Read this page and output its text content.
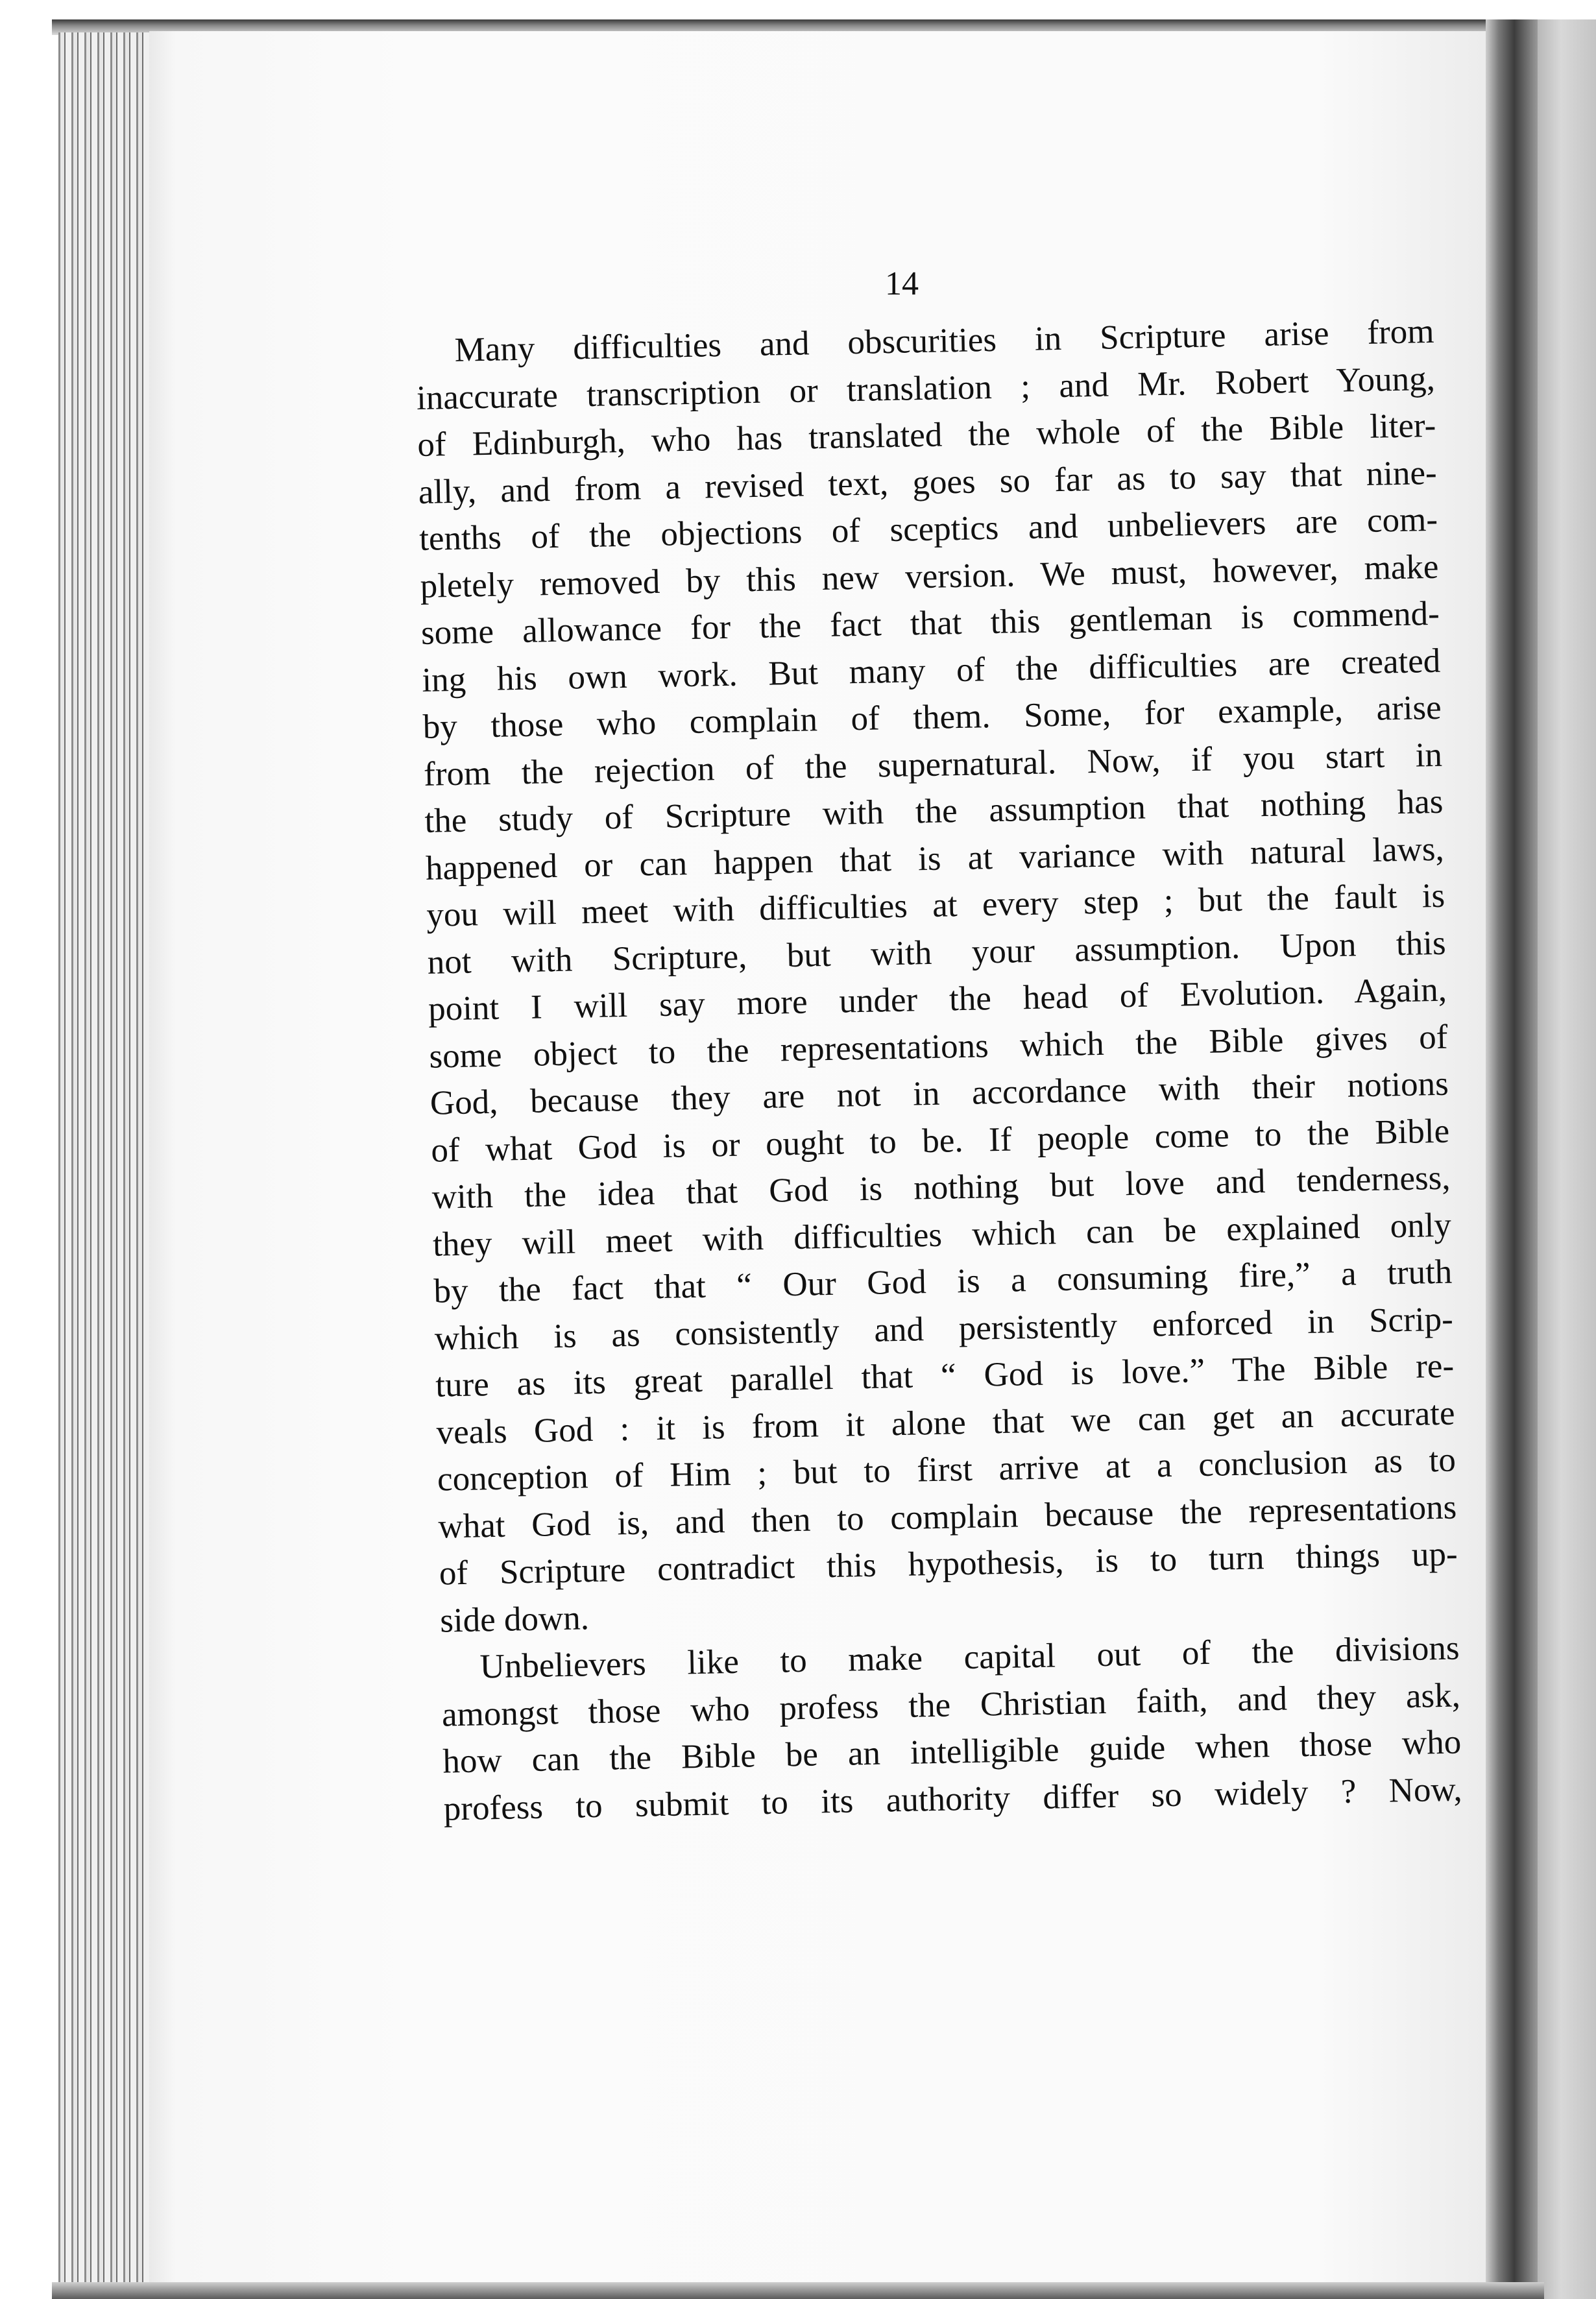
14
Many difficulties and obscurities in Scripture arise from
inaccurate transcription or translation ; and Mr. Robert Young,
of Edinburgh, who has translated the whole of the Bible liter-
ally, and from a revised text, goes so far as to say that nine-
tenths of the objections of sceptics and unbelievers are com-
pletely removed by this new version. We must, however, make
some allowance for the fact that this gentleman is commend-
ing his own work. But many of the difficulties are created
by those who complain of them. Some, for example, arise
from the rejection of the supernatural. Now, if you start in
the study of Scripture with the assumption that nothing has
happened or can happen that is at variance with natural laws,
you will meet with difficulties at every step ; but the fault is
not with Scripture, but with your assumption. Upon this
point I will say more under the head of Evolution. Again,
some object to the representations which the Bible gives of
God, because they are not in accordance with their notions
of what God is or ought to be. If people come to the Bible
with the idea that God is nothing but love and tenderness,
they will meet with difficulties which can be explained only
by the fact that “ Our God is a consuming fire,” a truth
which is as consistently and persistently enforced in Scrip-
ture as its great parallel that “ God is love.” The Bible re-
veals God : it is from it alone that we can get an accurate
conception of Him ; but to first arrive at a conclusion as to
what God is, and then to complain because the representations
of Scripture contradict this hypothesis, is to turn things up-
side down.
Unbelievers like to make capital out of the divisions
amongst those who profess the Christian faith, and they ask,
how can the Bible be an intelligible guide when those who
profess to submit to its authority differ so widely ? Now,
